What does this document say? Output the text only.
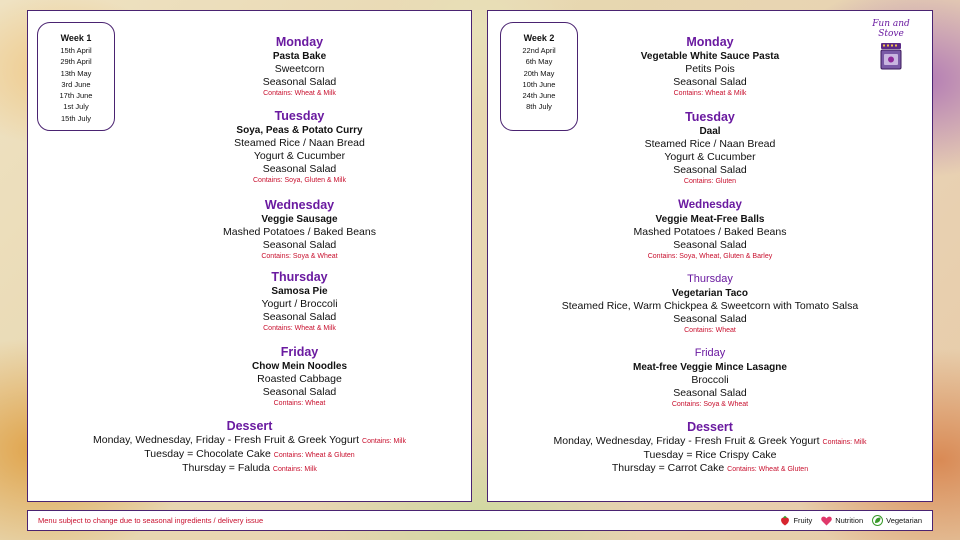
Week 1
15th April
29th April
13th May
3rd June
17th June
1st July
15th July
Monday
Pasta Bake
Sweetcorn
Seasonal Salad
Contains: Wheat & Milk
Tuesday
Soya, Peas & Potato Curry
Steamed Rice / Naan Bread
Yogurt & Cucumber
Seasonal Salad
Contains: Soya, Gluten & Milk
Wednesday
Veggie Sausage
Mashed Potatoes / Baked Beans
Seasonal Salad
Contains: Soya & Wheat
Thursday
Samosa Pie
Yogurt / Broccoli
Seasonal Salad
Contains: Wheat & Milk
Friday
Chow Mein Noodles
Roasted Cabbage
Seasonal Salad
Contains: Wheat
Dessert
Monday, Wednesday, Friday - Fresh Fruit & Greek Yogurt Contains: Milk
Tuesday = Chocolate Cake Contains: Wheat & Gluten
Thursday = Faluda Contains: Milk
Week 2
22nd April
6th May
20th May
10th June
24th June
8th July
Fun and Stove
Monday
Vegetable White Sauce Pasta
Petits Pois
Seasonal Salad
Contains: Wheat & Milk
Tuesday
Daal
Steamed Rice / Naan Bread
Yogurt & Cucumber
Seasonal Salad
Contains: Gluten
Wednesday
Veggie Meat-Free Balls
Mashed Potatoes / Baked Beans
Seasonal Salad
Contains: Soya, Wheat, Gluten & Barley
Thursday
Vegetarian Taco
Steamed Rice, Warm Chickpea & Sweetcorn with Tomato Salsa
Seasonal Salad
Contains: Wheat
Friday
Meat-free Veggie Mince Lasagne
Broccoli
Seasonal Salad
Contains: Soya & Wheat
Dessert
Monday, Wednesday, Friday - Fresh Fruit & Greek Yogurt Contains: Milk
Tuesday = Rice Crispy Cake
Thursday = Carrot Cake Contains: Wheat & Gluten
Menu subject to change due to seasonal ingredients / delivery issue	Fruity	Nutrition	Vegetarian
